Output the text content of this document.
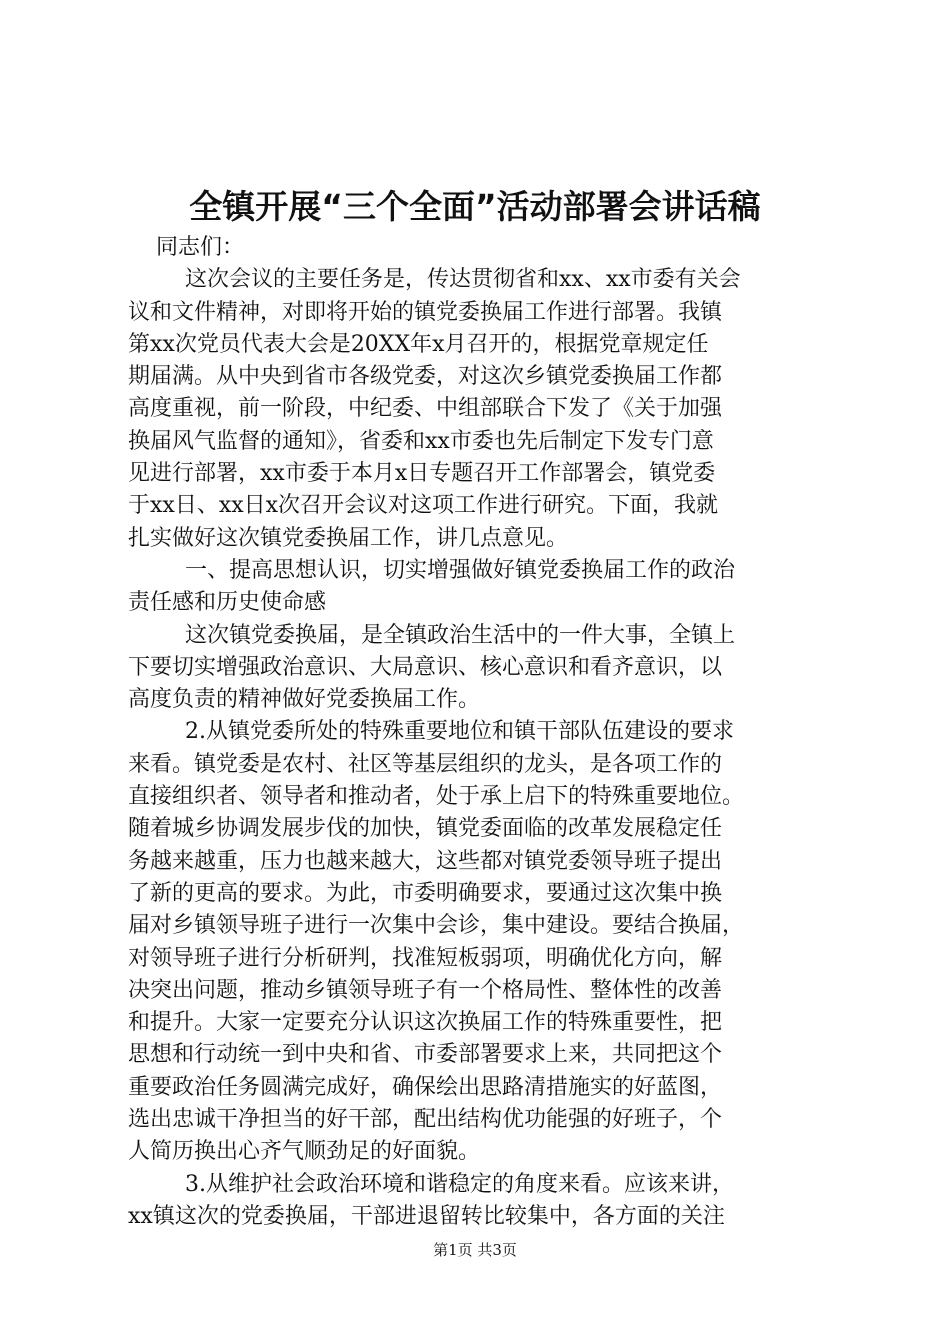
全镇开展“三个全面”活动部署会讲话稿
同志们：
这次会议的主要任务是，传达贯彻省和xx、xx市委有关会
议和文件精神，对即将开始的镇党委换届工作进行部署。我镇
第xx次党员代表大会是20XX年x月召开的，根据党章规定任
期届满。从中央到省市各级党委，对这次乡镇党委换届工作都
高度重视，前一阶段，中纪委、中组部联合下发了《关于加强
换届风气监督的通知》，省委和xx市委也先后制定下发专门意
见进行部署，xx市委于本月x日专题召开工作部署会，镇党委
于xx日、xx日x次召开会议对这项工作进行研究。下面，我就
扎实做好这次镇党委换届工作，讲几点意见。
一、提高思想认识，切实增强做好镇党委换届工作的政治
责任感和历史使命感
这次镇党委换届，是全镇政治生活中的一件大事，全镇上
下要切实增强政治意识、大局意识、核心意识和看齐意识，以
高度负责的精神做好党委换届工作。
2.从镇党委所处的特殊重要地位和镇干部队伍建设的要求
来看。镇党委是农村、社区等基层组织的龙头，是各项工作的
直接组织者、领导者和推动者，处于承上启下的特殊重要地位。
随着城乡协调发展步伐的加快，镇党委面临的改革发展稳定任
务越来越重，压力也越来越大，这些都对镇党委领导班子提出
了新的更高的要求。为此，市委明确要求，要通过这次集中换
届对乡镇领导班子进行一次集中会诊，集中建设。要结合换届，
对领导班子进行分析研判，找准短板弱项，明确优化方向，解
决突出问题，推动乡镇领导班子有一个格局性、整体性的改善
和提升。大家一定要充分认识这次换届工作的特殊重要性，把
思想和行动统一到中央和省、市委部署要求上来，共同把这个
重要政治任务圆满完成好，确保绘出思路清措施实的好蓝图，
选出忠诚干净担当的好干部，配出结构优功能强的好班子，个
人简历换出心齐气顺劲足的好面貌。
3.从维护社会政治环境和谐稳定的角度来看。应该来讲，
xx镇这次的党委换届，干部进退留转比较集中，各方面的关注
第1页 共3页
